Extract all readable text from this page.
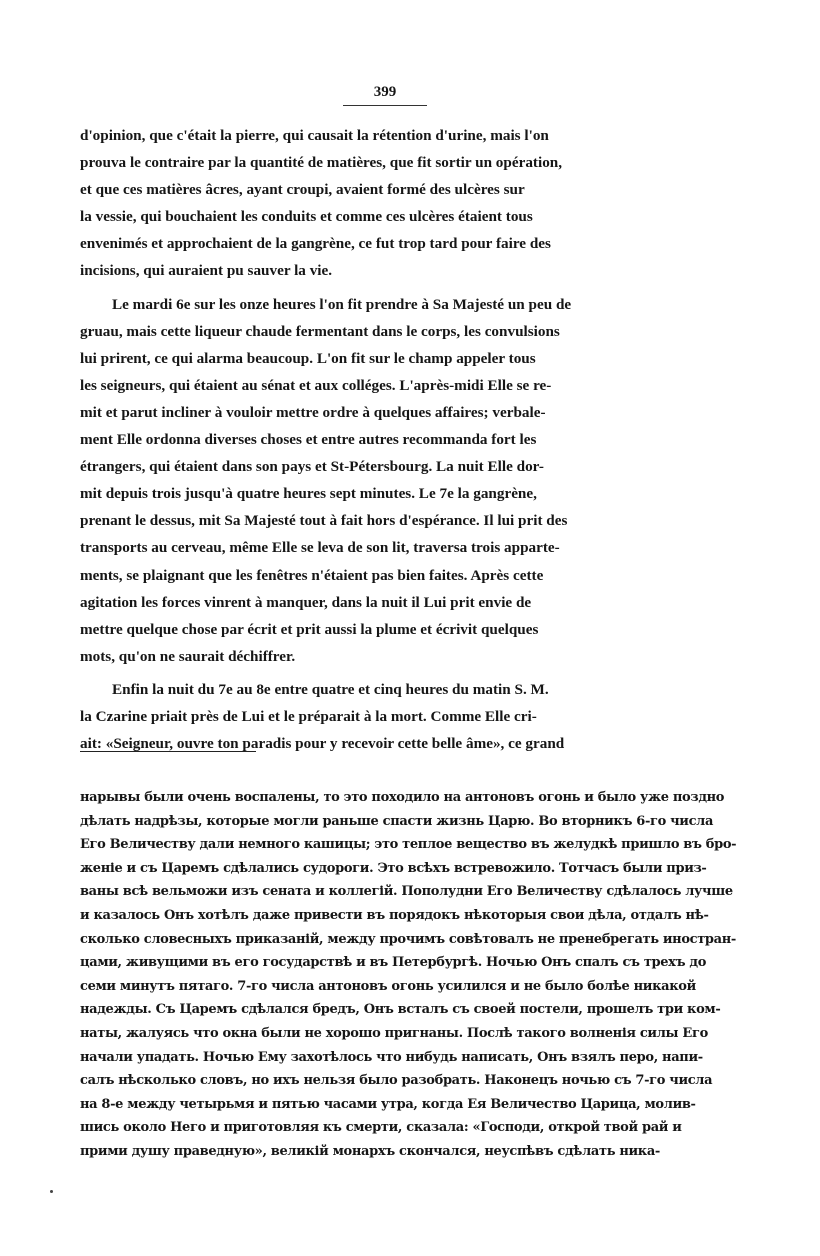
399

d'opinion, que c'était la pierre, qui causait la rétention d'urine, mais l'on
prouva le contraire par la quantité de matières, que fit sortir un opération,
et que ces matières âcres, ayant croupi, avaient formé des ulcères sur
la vessie, qui bouchaient les conduits et comme ces ulcères étaient tous
envenimés et approchaient de la gangrène, ce fut trop tard pour faire des
incisions, qui auraient pu sauver la vie.

Le mardi 6e sur les onze heures l'on fit prendre à Sa Majesté un peu de
gruau, mais cette liqueur chaude fermentant dans le corps, les convulsions
lui prirent, ce qui alarma beaucoup. L'on fit sur le champ appeler tous
les seigneurs, qui étaient au sénat et aux colléges. L'après-midi Elle se re-
mit et parut incliner à vouloir mettre ordre à quelques affaires; verbale-
ment Elle ordonna diverses choses et entre autres recommanda fort les
étrangers, qui étaient dans son pays et St-Pétersbourg. La nuit Elle dor-
mit depuis trois jusqu'à quatre heures sept minutes. Le 7e la gangrène,
prenant le dessus, mit Sa Majesté tout à fait hors d'espérance. Il lui prit des
transports au cerveau, même Elle se leva de son lit, traversa trois apparte-
ments, se plaignant que les fenêtres n'étaient pas bien faites. Après cette
agitation les forces vinrent à manquer, dans la nuit il Lui prit envie de
mettre quelque chose par écrit et prit aussi la plume et écrivit quelques
mots, qu'on ne saurait déchiffrer.

Enfin la nuit du 7e au 8e entre quatre et cinq heures du matin S. M.
la Czarine priait près de Lui et le préparait à la mort. Comme Elle cri-
ait: «Seigneur, ouvre ton paradis pour y recevoir cette belle âme», ce grand

нарывы были очень воспалены, то это походило на антоновъ огонь и было уже поздно
дѣлать надрѣзы, которые могли раньше спасти жизнь Царю. Во вторникъ 6-го числа
Его Величеству дали немного кашицы; это теплое вещество въ желудкѣ пришло въ бро-
женіе и съ Царемъ сдѣлались судороги. Это всѣхъ встревожило. Тотчасъ были приз-
ваны всѣ вельможи изъ сената и коллегій. Пополудни Его Величеству сдѣлалось лучше
и казалось Онъ хотѣлъ даже привести въ порядокъ нѣкоторыя свои дѣла, отдалъ нѣ-
сколько словесныхъ приказаній, между прочимъ совѣтовалъ не пренебрегать иностран-
цами, живущими въ его государствѣ и въ Петербургѣ. Ночью Онъ спалъ съ трехъ до
семи минутъ пятаго. 7-го числа антоновъ огонь усилился и не было болѣе никакой
надежды. Съ Царемъ сдѣлался бредъ, Онъ всталъ съ своей постели, прошелъ три ком-
наты, жалуясь что окна были не хорошо пригнаны. Послѣ такого волненія силы Его
начали упадать. Ночью Ему захотѣлось что нибудь написать, Онъ взялъ перо, напи-
салъ нѣсколько словъ, но ихъ нельзя было разобрать. Наконецъ ночью съ 7-го числа
на 8-е между четырьмя и пятью часами утра, когда Ея Величество Царица, молив-
шись около Него и приготовляя къ смерти, сказала: «Господи, открой твой рай и
прими душу праведную», великій монархъ скончался, неуспѣвъ сдѣлать ника-
